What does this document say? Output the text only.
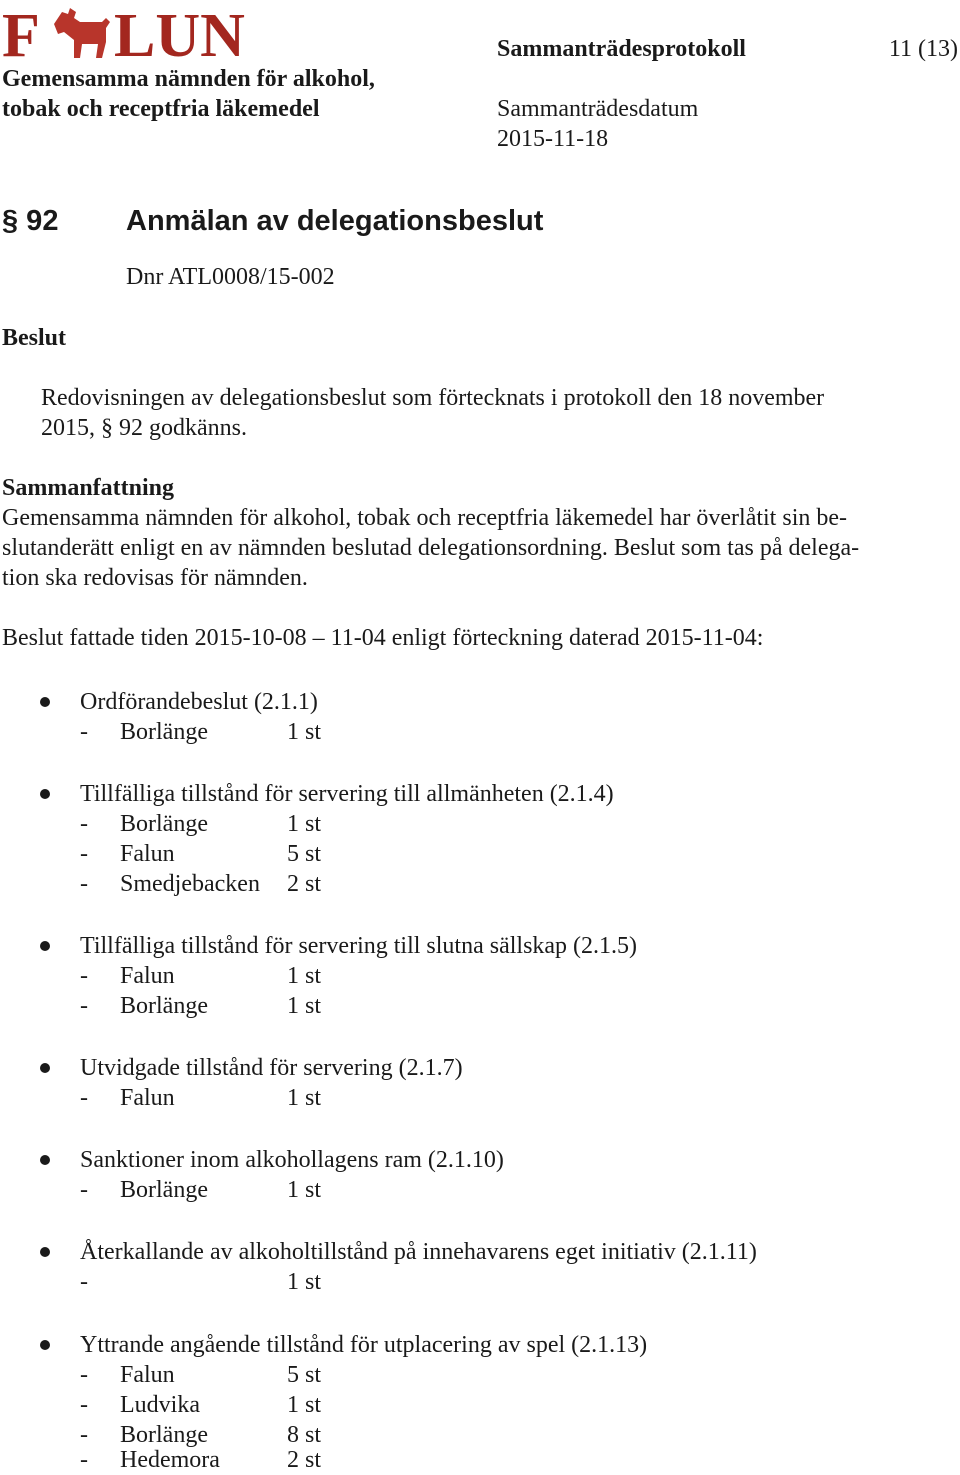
F LUN
Gemensamma nämnden för alkohol,
tobak och receptfria läkemedel
Sammanträdesprotokoll	11 (13)
Sammanträdesdatum
2015-11-18
§ 92 Anmälan av delegationsbeslut
Dnr ATL0008/15-002
Beslut
Redovisningen av delegationsbeslut som förtecknats i protokoll den 18 november
2015, § 92 godkänns.
Sammanfattning
Gemensamma nämnden för alkohol, tobak och receptfria läkemedel har överlåtit sin be-
slutanderätt enligt en av nämnden beslutad delegationsordning. Beslut som tas på delega-
tion ska redovisas för nämnden.
Beslut fattade tiden 2015-10-08 – 11-04 enligt förteckning daterad 2015-11-04:
Ordförandebeslut (2.1.1)
- Borlänge	1 st
Tillfälliga tillstånd för servering till allmänheten (2.1.4)
- Borlänge	1 st
- Falun	5 st
- Smedjebacken 2 st
Tillfälliga tillstånd för servering till slutna sällskap (2.1.5)
- Falun	1 st
- Borlänge	1 st
Utvidgade tillstånd för servering (2.1.7)
- Falun	1 st
Sanktioner inom alkohollagens ram (2.1.10)
- Borlänge	1 st
Återkallande av alkoholtillstånd på innehavarens eget initiativ (2.1.11)
-	1 st
Yttrande angående tillstånd för utplacering av spel (2.1.13)
- Falun	5 st
- Ludvika	1 st
- Borlänge	8 st
- Hedemora	2 st
